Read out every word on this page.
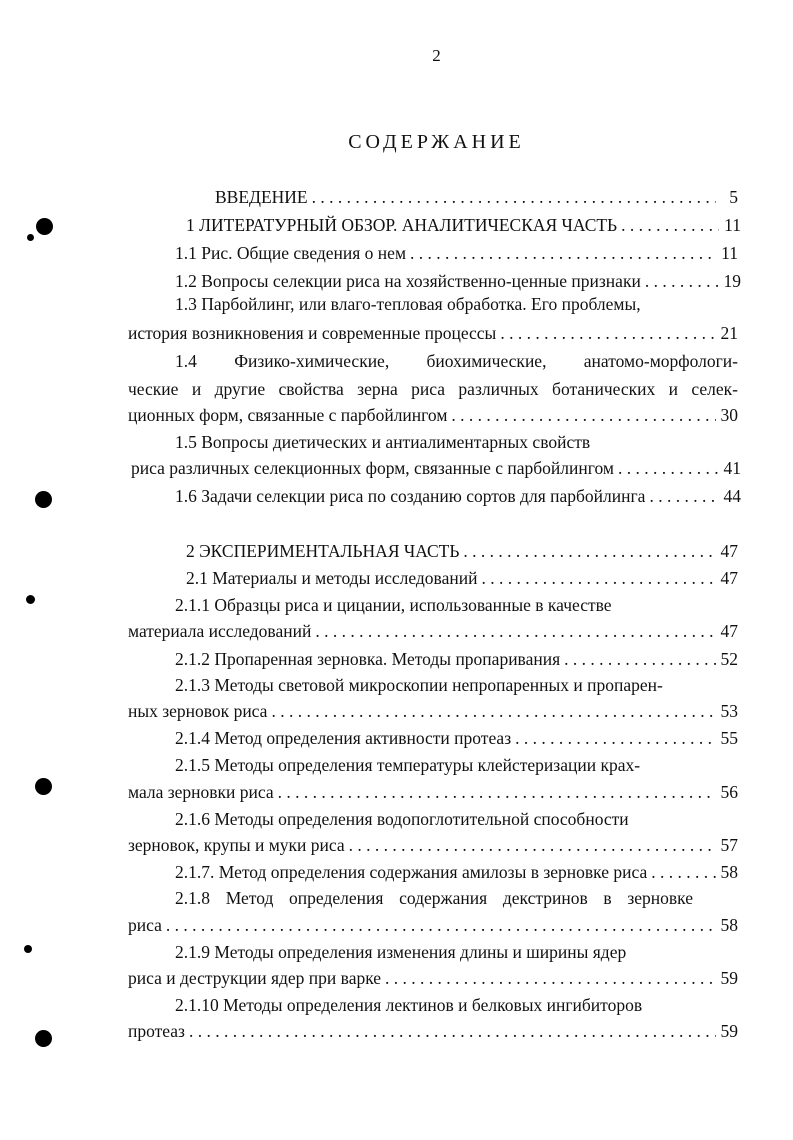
2
СОДЕРЖАНИЕ
ВВЕДЕНИЕ . . .	5
1 ЛИТЕРАТУРНЫЙ ОБЗОР. АНАЛИТИЧЕСКАЯ ЧАСТЬ . . .	11
1.1 Рис. Общие сведения о нем . . .	11
1.2 Вопросы селекции риса на хозяйственно-ценные признаки . . .	19
1.3 Парбойлинг, или влаго-тепловая обработка. Его проблемы,
история возникновения и современные процессы . . .	21
1.4 Физико-химические, биохимические, анатомо-морфологи-
ческие и другие свойства зерна риса различных ботанических и селек-
ционных форм, связанные с парбойлингом . . .	30
1.5 Вопросы диетических и антиалиментарных свойств
риса различных селекционных форм, связанные с парбойлингом . . .	41
1.6 Задачи селекции риса по созданию сортов для парбойлинга . . .	44
2 ЭКСПЕРИМЕНТАЛЬНАЯ ЧАСТЬ . . .	47
2.1 Материалы и методы исследований . . .	47
2.1.1 Образцы риса и цицании, использованные в качестве
материала исследований . . .	47
2.1.2 Пропаренная зерновка. Методы пропаривания . . .	52
2.1.3 Методы световой микроскопии непропаренных и пропарен-
ных зерновок риса . . .	53
2.1.4 Метод определения активности протеаз . . .	55
2.1.5 Методы определения температуры клейстеризации крах-
мала зерновки риса . . .	56
2.1.6 Методы определения водопоглотительной способности
зерновок, крупы и муки риса . . .	57
2.1.7. Метод определения содержания амилозы в зерновке риса . . .	58
2.1.8 Метод определения содержания декстринов в зерновке
риса . . .	58
2.1.9 Методы определения изменения длины и ширины ядер
риса и деструкции ядер при варке . . .	59
2.1.10 Методы определения лектинов и белковых ингибиторов
протеаз . . .	59
